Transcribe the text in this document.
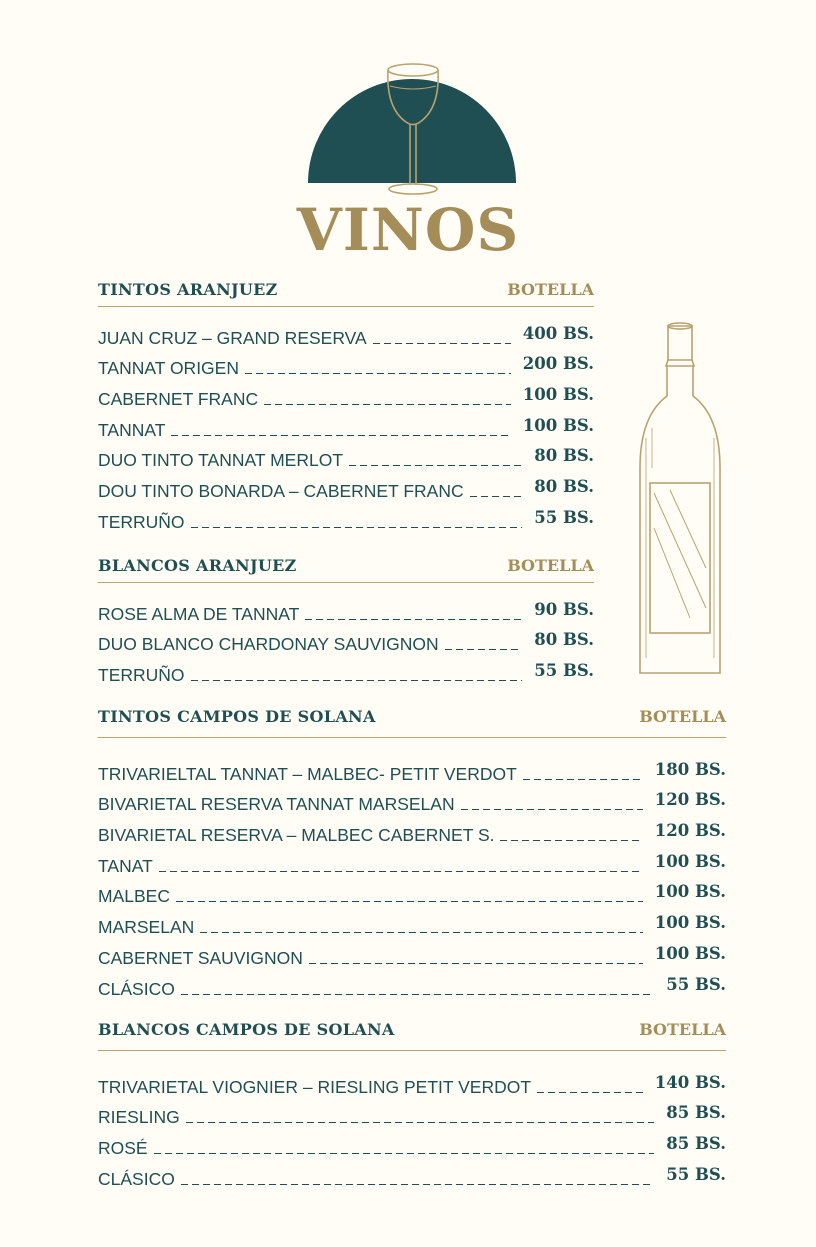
VINOS
TINTOS ARANJUEZ	BOTELLA
JUAN CRUZ – GRAND RESERVA	400 BS.
TANNAT ORIGEN	200 BS.
CABERNET FRANC	100 BS.
TANNAT	100 BS.
DUO TINTO TANNAT MERLOT	80 BS.
DOU TINTO BONARDA – CABERNET FRANC	80 BS.
TERRUÑO	55 BS.
BLANCOS ARANJUEZ	BOTELLA
ROSE ALMA DE TANNAT	90 BS.
DUO BLANCO CHARDONAY SAUVIGNON	80 BS.
TERRUÑO	55 BS.
TINTOS CAMPOS DE SOLANA	BOTELLA
TRIVARIELTAL TANNAT – MALBEC- PETIT VERDOT	180 BS.
BIVARIETAL RESERVA TANNAT MARSELAN	120 BS.
BIVARIETAL RESERVA – MALBEC CABERNET S.	120 BS.
TANAT	100 BS.
MALBEC	100 BS.
MARSELAN	100 BS.
CABERNET SAUVIGNON	100 BS.
CLÁSICO	55 BS.
BLANCOS CAMPOS DE SOLANA	BOTELLA
TRIVARIETAL VIOGNIER – RIESLING PETIT VERDOT	140 BS.
RIESLING	85 BS.
ROSÉ	85 BS.
CLÁSICO	55 BS.
